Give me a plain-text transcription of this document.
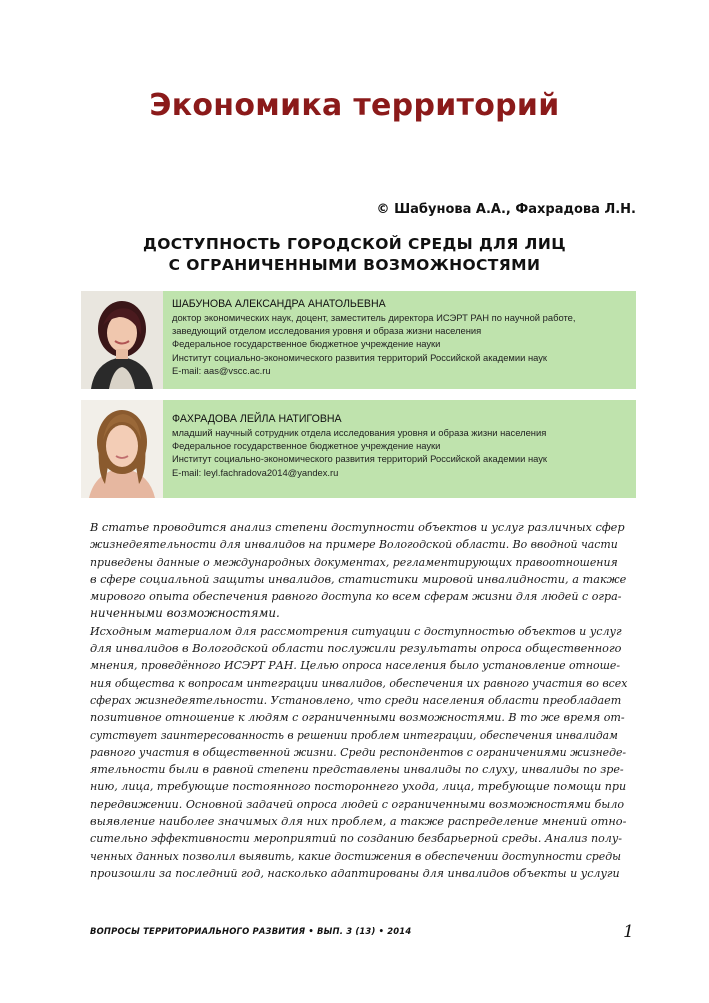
Экономика территорий
© Шабунова А.А., Фахрадова Л.Н.
ДОСТУПНОСТЬ ГОРОДСКОЙ СРЕДЫ ДЛЯ ЛИЦ
С ОГРАНИЧЕННЫМИ ВОЗМОЖНОСТЯМИ
ШАБУНОВА АЛЕКСАНДРА АНАТОЛЬЕВНА
доктор экономических наук, доцент, заместитель директора ИСЭРТ РАН по научной работе,
заведующий отделом исследования уровня и образа жизни населения
Федеральное государственное бюджетное учреждение науки
Институт социально-экономического развития территорий Российской академии наук
E-mail: aas@vscc.ac.ru
ФАХРАДОВА ЛЕЙЛА НАТИГОВНА
младший научный сотрудник отдела исследования уровня и образа жизни населения
Федеральное государственное бюджетное учреждение науки
Институт социально-экономического развития территорий Российской академии наук
E-mail: leyl.fachradova2014@yandex.ru
В статье проводится анализ степени доступности объектов и услуг различных сфер
жизнедеятельности для инвалидов на примере Вологодской области. Во вводной части
приведены данные о международных документах, регламентирующих правоотношения
в сфере социальной защиты инвалидов, статистики мировой инвалидности, а также
мирового опыта обеспечения равного доступа ко всем сферам жизни для людей с огра-
ниченными возможностями.
Исходным материалом для рассмотрения ситуации с доступностью объектов и услуг
для инвалидов в Вологодской области послужили результаты опроса общественного
мнения, проведённого ИСЭРТ РАН. Целью опроса населения было установление отноше-
ния общества к вопросам интеграции инвалидов, обеспечения их равного участия во всех
сферах жизнедеятельности. Установлено, что среди населения области преобладает
позитивное отношение к людям с ограниченными возможностями. В то же время от-
сутствует заинтересованность в решении проблем интеграции, обеспечения инвалидам
равного участия в общественной жизни. Среди респондентов с ограничениями жизнеде-
ятельности были в равной степени представлены инвалиды по слуху, инвалиды по зре-
нию, лица, требующие постоянного постороннего ухода, лица, требующие помощи при
передвижении. Основной задачей опроса людей с ограниченными возможностями было
выявление наиболее значимых для них проблем, а также распределение мнений отно-
сительно эффективности мероприятий по созданию безбарьерной среды. Анализ полу-
ченных данных позволил выявить, какие достижения в обеспечении доступности среды
произошли за последний год, насколько адаптированы для инвалидов объекты и услуги
ВОПРОСЫ ТЕРРИТОРИАЛЬНОГО РАЗВИТИЯ • ВЫП. 3 (13) • 2014	1
